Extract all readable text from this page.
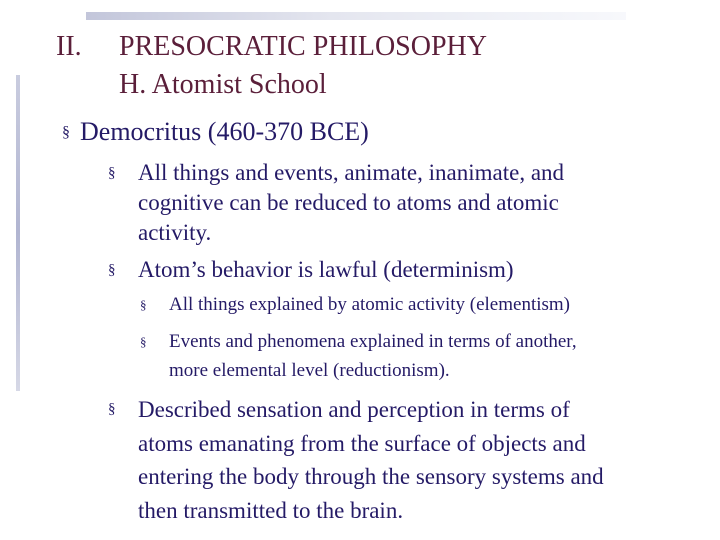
II. PRESOCRATIC PHILOSOPHY
H. Atomist School
§ Democritus (460-370 BCE)
§ All things and events, animate, inanimate, and
cognitive can be reduced to atoms and atomic
activity.
§ Atom’s behavior is lawful (determinism)
§ All things explained by atomic activity (elementism)
§ Events and phenomena explained in terms of another,
more elemental level (reductionism).
§ Described sensation and perception in terms of
atoms emanating from the surface of objects and
entering the body through the sensory systems and
then transmitted to the brain.
